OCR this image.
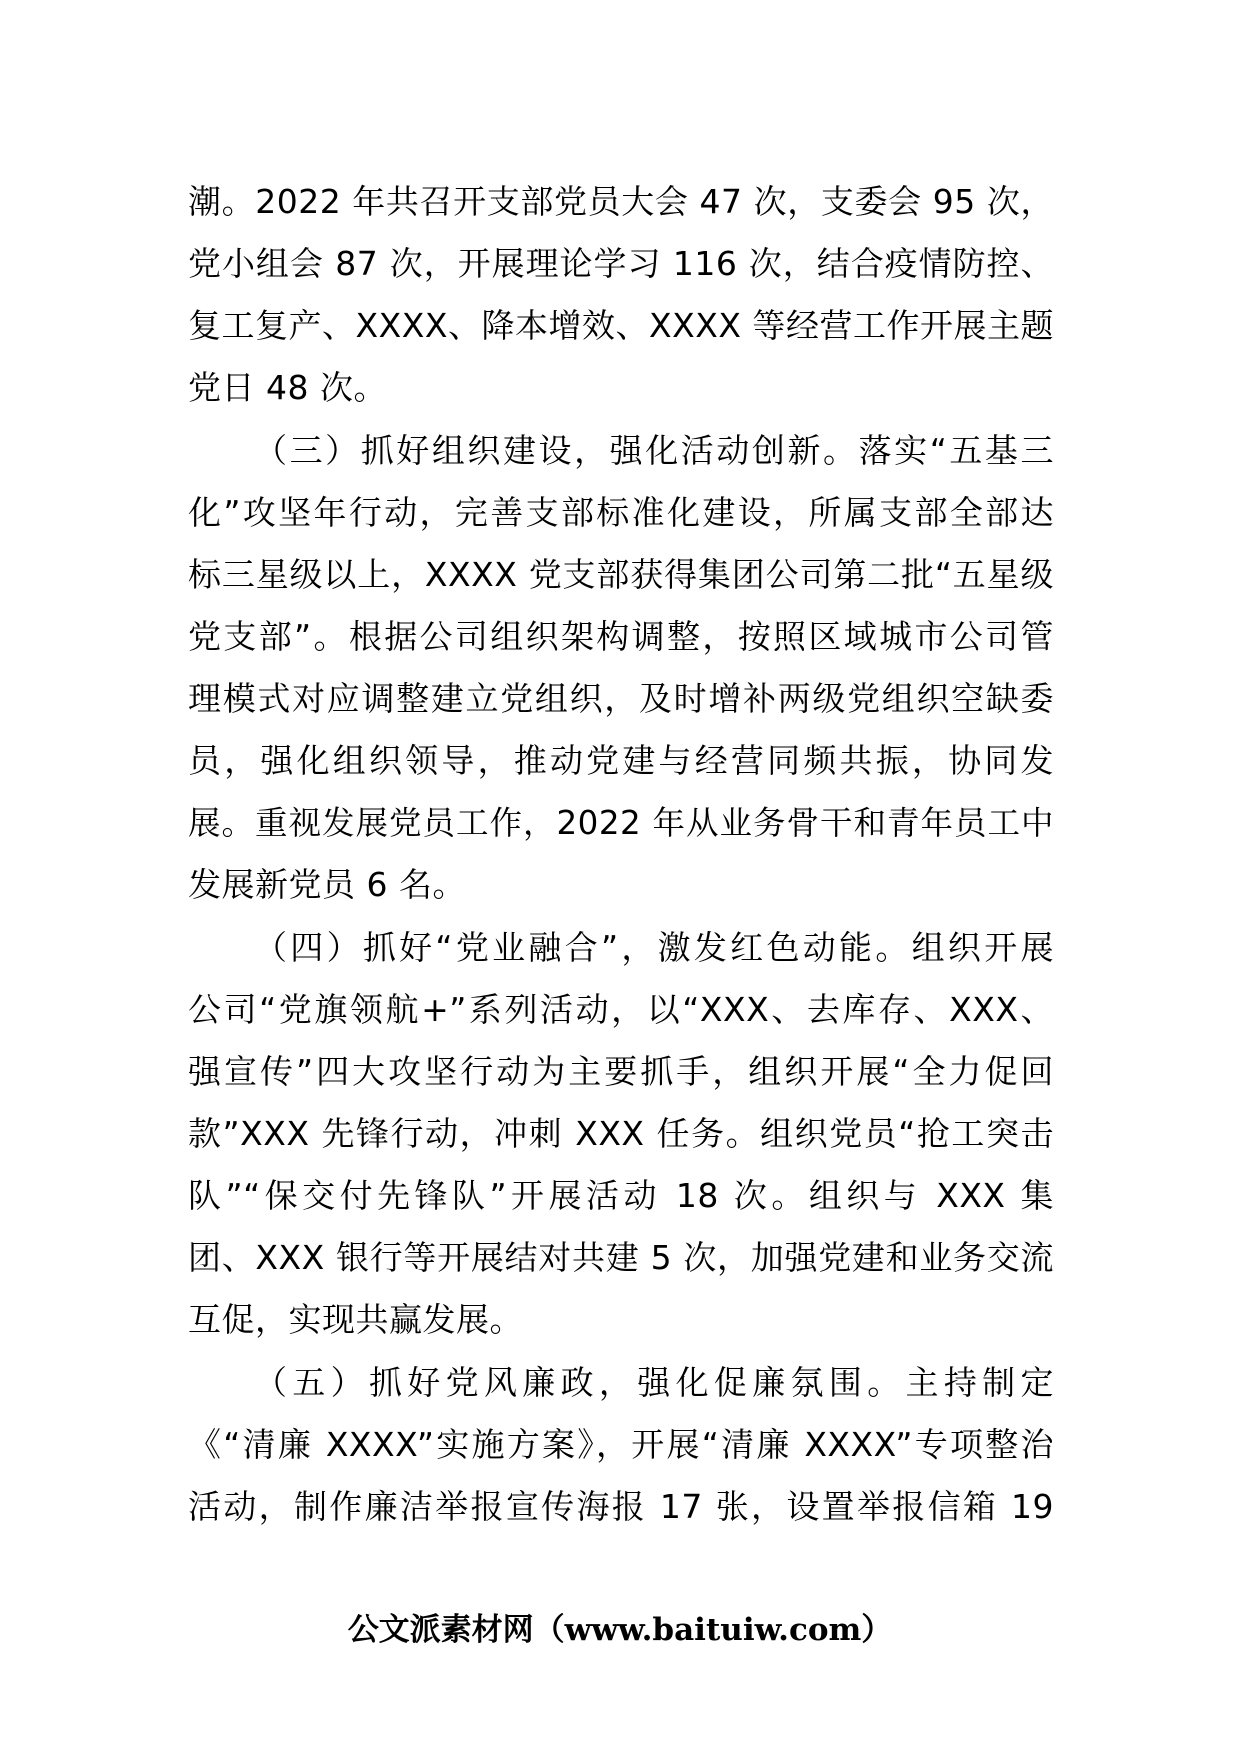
潮。2022 年共召开支部党员大会 47 次，支委会 95 次，
党小组会 87 次，开展理论学习 116 次，结合疫情防控、
复工复产、XXXX、降本增效、XXXX 等经营工作开展主题
党日 48 次。
（三）抓好组织建设，强化活动创新。落实“五基三
化”攻坚年行动，完善支部标准化建设，所属支部全部达
标三星级以上，XXXX 党支部获得集团公司第二批“五星级
党支部”。根据公司组织架构调整，按照区域城市公司管
理模式对应调整建立党组织，及时增补两级党组织空缺委
员，强化组织领导，推动党建与经营同频共振，协同发
展。重视发展党员工作，2022 年从业务骨干和青年员工中
发展新党员 6 名。
（四）抓好“党业融合”，激发红色动能。组织开展
公司“党旗领航+”系列活动，以“XXX、去库存、XXX、
强宣传”四大攻坚行动为主要抓手，组织开展“全力促回
款”XXX 先锋行动，冲刺 XXX 任务。组织党员“抢工突击
队”“保交付先锋队”开展活动 18 次。组织与 XXX 集
团、XXX 银行等开展结对共建 5 次，加强党建和业务交流
互促，实现共赢发展。
（五）抓好党风廉政，强化促廉氛围。主持制定
《“清廉 XXXX”实施方案》，开展“清廉 XXXX”专项整治
活动，制作廉洁举报宣传海报 17 张，设置举报信箱 19
公文派素材网（www.baituiw.com）
